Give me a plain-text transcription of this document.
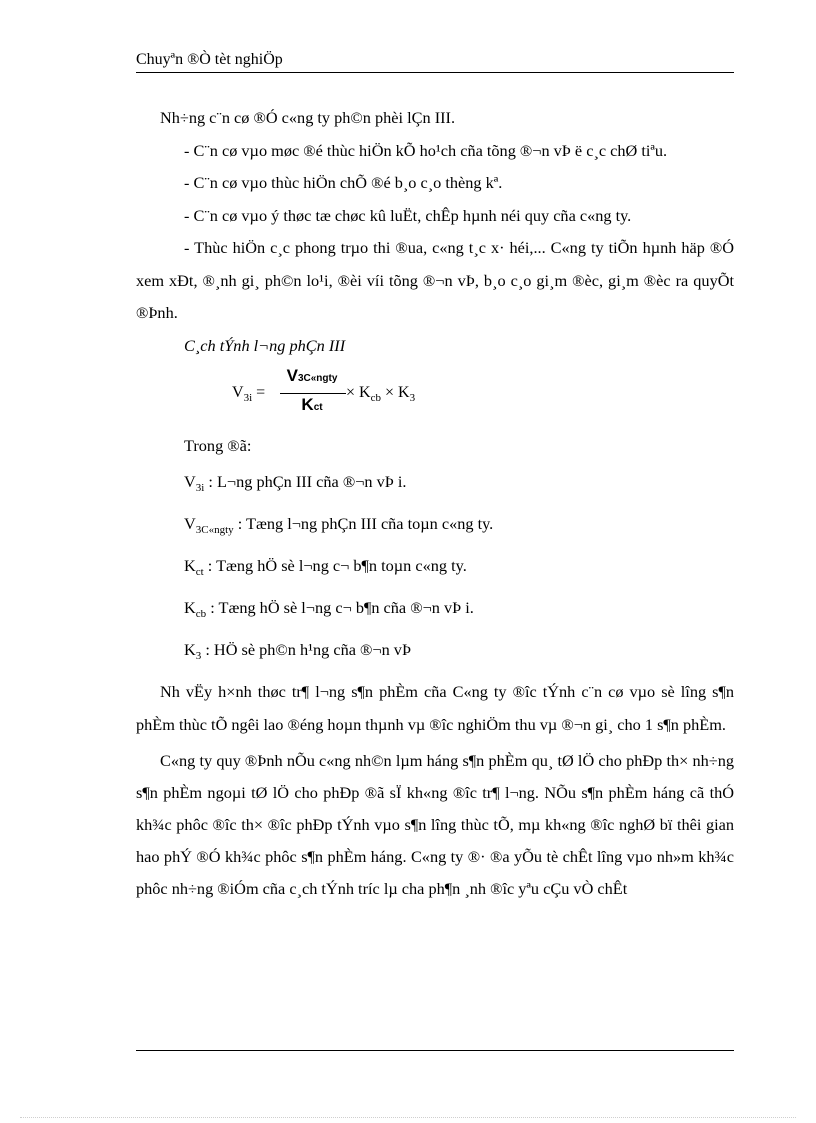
Chuyªn ®Ò tèt nghiÖp

Nh÷ng c¨n cø ®Ó c«ng ty ph©n phèi lÇn III.

- C¨n cø vµo møc ®é thùc hiÖn kÕ ho¹ch cña tõng ®¬n vÞ ë c¸c chØ tiªu.

- C¨n cø vµo thùc hiÖn chÕ ®é b¸o c¸o thèng kª.

- C¨n cø vµo ý thøc tæ chøc kû luËt, chÊp hµnh néi quy cña c«ng ty.

- Thùc hiÖn c¸c phong trµo thi ®ua, c«ng t¸c x· héi,... C«ng ty tiÕn hµnh häp ®Ó xem xÐt, ®¸nh gi¸ ph©n lo¹i, ®èi víi tõng ®¬n vÞ, b¸o c¸o gi¸m ®èc, gi¸m ®èc ra quyÕt ®Þnh.

C¸ch tÝnh l¬ng phÇn III
$V_{3i}$ =
V3C«ngty
Kct
× $K_{cb} \times K_3$
Trong ®ã:
$V_{3i}$ : L¬ng phÇn III cña ®¬n vÞ i.
$V_{3C«ngty}$ : Tæng l¬ng phÇn III cña toµn c«ng ty.
$K_{ct}$ : Tæng hÖ sè l¬ng c¬ b¶n toµn c«ng ty.
$K_{cb}$ : Tæng hÖ sè l¬ng c¬ b¶n cña ®¬n vÞ i.
$K_3$ : HÖ sè ph©n h¹ng cña ®¬n vÞ

Nh vËy h×nh thøc tr¶ l¬ng s¶n phÈm cña C«ng ty ®îc tÝnh c¨n cø vµo sè lîng s¶n phÈm thùc tÕ ngêi lao ®éng hoµn thµnh vµ ®îc nghiÖm thu vµ ®¬n gi¸ cho 1 s¶n phÈm.

C«ng ty quy ®Þnh nÕu c«ng nh©n lµm háng s¶n phÈm qu¸ tØ lÖ cho phÐp th× nh÷ng s¶n phÈm ngoµi tØ lÖ cho phÐp ®ã sÏ kh«ng ®îc tr¶ l¬ng. NÕu s¶n phÈm háng cã thÓ kh¾c phôc ®îc th× ®îc phÐp tÝnh vµo s¶n lîng thùc tÕ, mµ kh«ng ®îc nghØ bï thêi gian hao phÝ ®Ó kh¾c phôc s¶n phÈm háng. C«ng ty ®· ®a yÕu tè chÊt lîng vµo nh»m kh¾c phôc nh÷ng ®iÓm cña c¸ch tÝnh tríc lµ cha ph¶n ¸nh ®îc yªu cÇu vÒ chÊt
